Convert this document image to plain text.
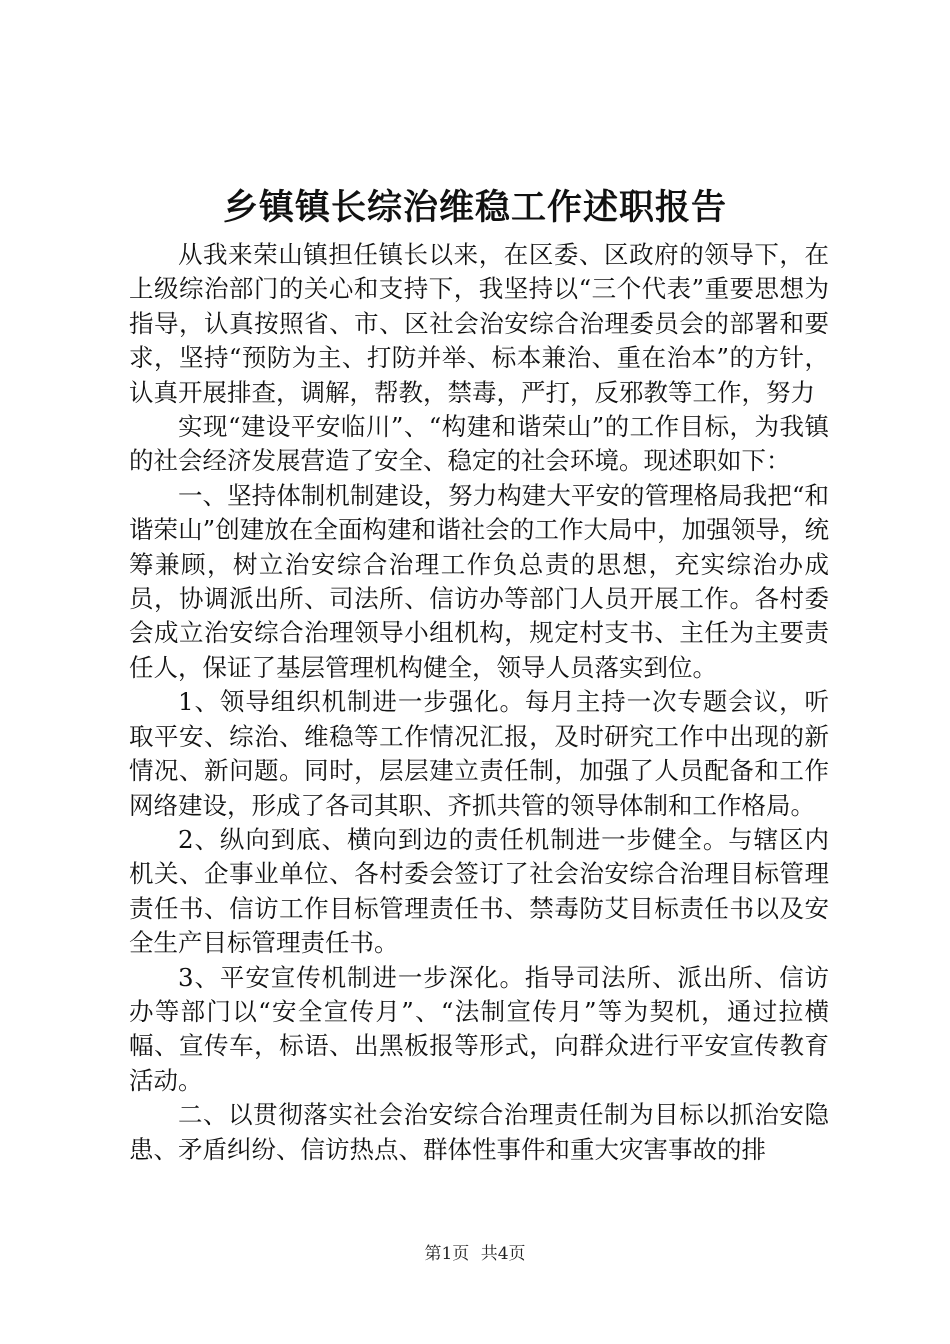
乡镇镇长综治维稳工作述职报告

从我来荣山镇担任镇长以来，在区委、区政府的领导下，在上级综治部门的关心和支持下，我坚持以“三个代表”重要思想为指导，认真按照省、市、区社会治安综合治理委员会的部署和要求，坚持“预防为主、打防并举、标本兼治、重在治本”的方针，认真开展排查，调解，帮教，禁毒，严打，反邪教等工作，努力

实现“建设平安临川”、“构建和谐荣山”的工作目标，为我镇的社会经济发展营造了安全、稳定的社会环境。现述职如下：

一、坚持体制机制建设，努力构建大平安的管理格局我把“和谐荣山”创建放在全面构建和谐社会的工作大局中，加强领导，统筹兼顾，树立治安综合治理工作负总责的思想，充实综治办成员，协调派出所、司法所、信访办等部门人员开展工作。各村委会成立治安综合治理领导小组机构，规定村支书、主任为主要责任人，保证了基层管理机构健全，领导人员落实到位。

1、领导组织机制进一步强化。每月主持一次专题会议，听取平安、综治、维稳等工作情况汇报，及时研究工作中出现的新情况、新问题。同时，层层建立责任制，加强了人员配备和工作网络建设，形成了各司其职、齐抓共管的领导体制和工作格局。

2、纵向到底、横向到边的责任机制进一步健全。与辖区内机关、企事业单位、各村委会签订了社会治安综合治理目标管理责任书、信访工作目标管理责任书、禁毒防艾目标责任书以及安全生产目标管理责任书。

3、平安宣传机制进一步深化。指导司法所、派出所、信访办等部门以“安全宣传月”、“法制宣传月”等为契机，通过拉横幅、宣传车，标语、出黑板报等形式，向群众进行平安宣传教育活动。

二、以贯彻落实社会治安综合治理责任制为目标以抓治安隐患、矛盾纠纷、信访热点、群体性事件和重大灾害事故的排

第1页 共4页
